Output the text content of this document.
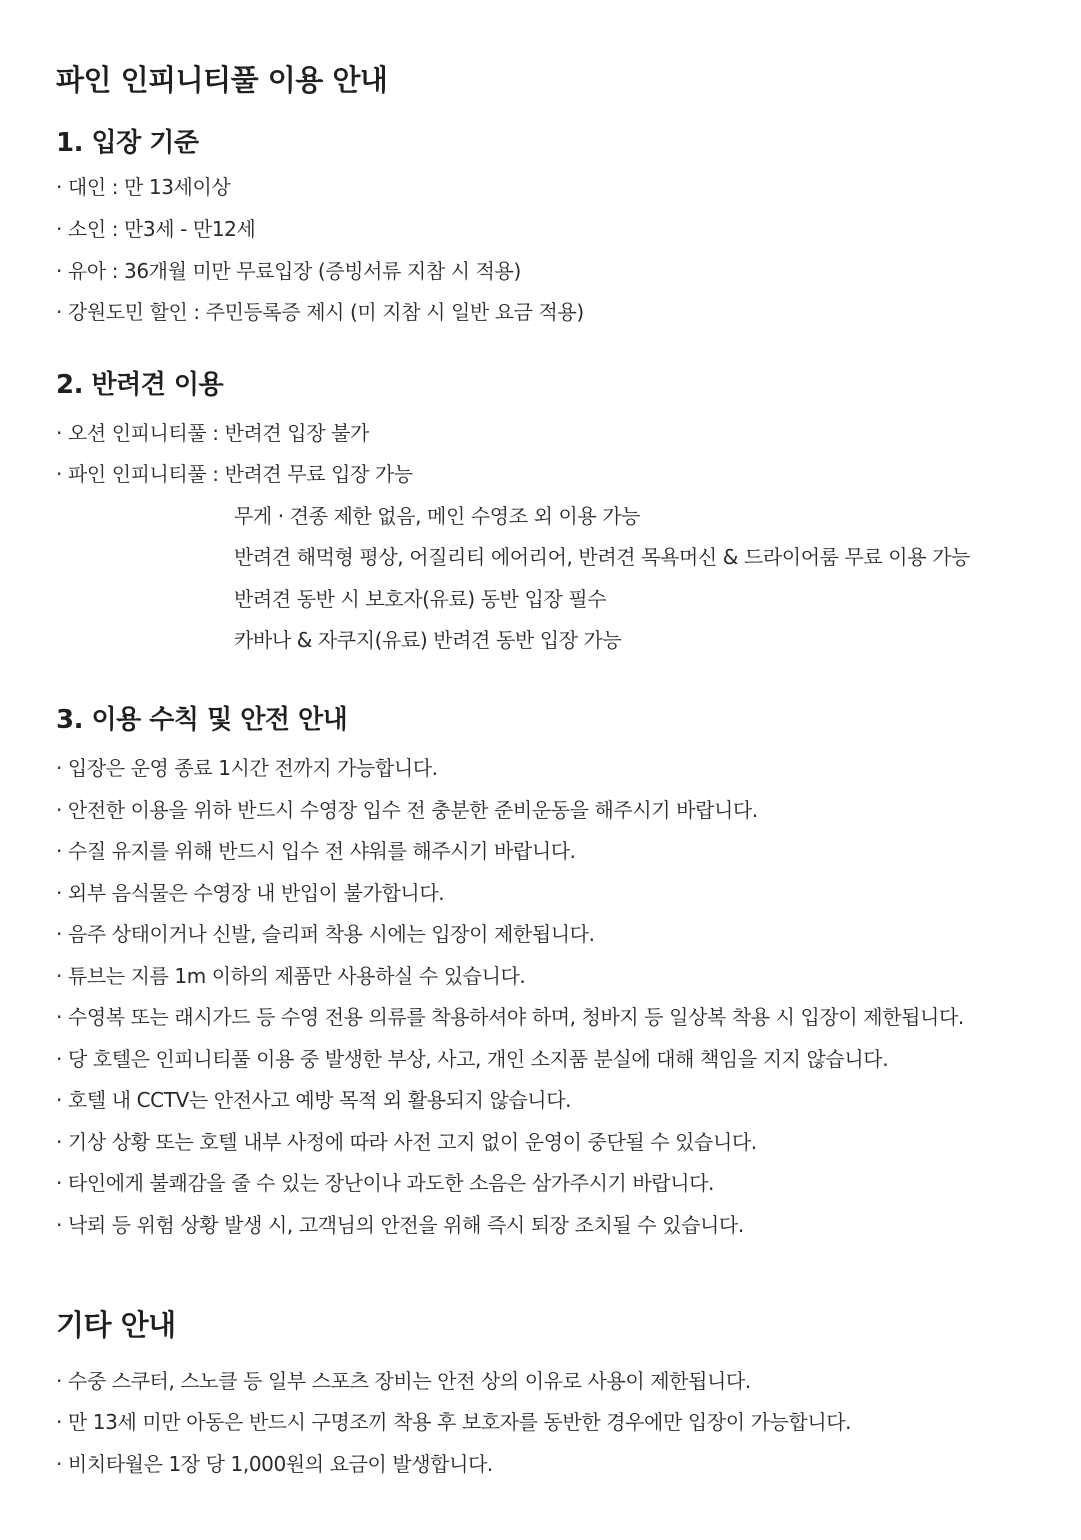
파인 인피니티풀 이용 안내
1. 입장 기준
· 대인 : 만 13세이상
· 소인 : 만3세 - 만12세
· 유아 : 36개월 미만 무료입장 (증빙서류 지참 시 적용)
· 강원도민 할인 : 주민등록증 제시 (미 지참 시 일반 요금 적용)
2. 반려견 이용
· 오션 인피니티풀 : 반려견 입장 불가
· 파인 인피니티풀 : 반려견 무료 입장 가능
무게 · 견종 제한 없음, 메인 수영조 외 이용 가능
반려견 해먹형 평상, 어질리티 에어리어, 반려견 목욕머신 & 드라이어룸 무료 이용 가능
반려견 동반 시 보호자(유료) 동반 입장 필수
카바나 & 자쿠지(유료) 반려견 동반 입장 가능
3. 이용 수칙 및 안전 안내
· 입장은 운영 종료 1시간 전까지 가능합니다.
· 안전한 이용을 위하 반드시 수영장 입수 전 충분한 준비운동을 해주시기 바랍니다.
· 수질 유지를 위해 반드시 입수 전 샤워를 해주시기 바랍니다.
· 외부 음식물은 수영장 내 반입이 불가합니다.
· 음주 상태이거나 신발, 슬리퍼 착용 시에는 입장이 제한됩니다.
· 튜브는 지름 1m 이하의 제품만 사용하실 수 있습니다.
· 수영복 또는 래시가드 등 수영 전용 의류를 착용하셔야 하며, 청바지 등 일상복 착용 시 입장이 제한됩니다.
· 당 호텔은 인피니티풀 이용 중 발생한 부상, 사고, 개인 소지품 분실에 대해 책임을 지지 않습니다.
· 호텔 내 CCTV는 안전사고 예방 목적 외 활용되지 않습니다.
· 기상 상황 또는 호텔 내부 사정에 따라 사전 고지 없이 운영이 중단될 수 있습니다.
· 타인에게 불쾌감을 줄 수 있는 장난이나 과도한 소음은 삼가주시기 바랍니다.
· 낙뢰 등 위험 상황 발생 시, 고객님의 안전을 위해 즉시 퇴장 조치될 수 있습니다.
기타 안내
· 수중 스쿠터, 스노클 등 일부 스포츠 장비는 안전 상의 이유로 사용이 제한됩니다.
· 만 13세 미만 아동은 반드시 구명조끼 착용 후 보호자를 동반한 경우에만 입장이 가능합니다.
· 비치타월은 1장 당 1,000원의 요금이 발생합니다.
